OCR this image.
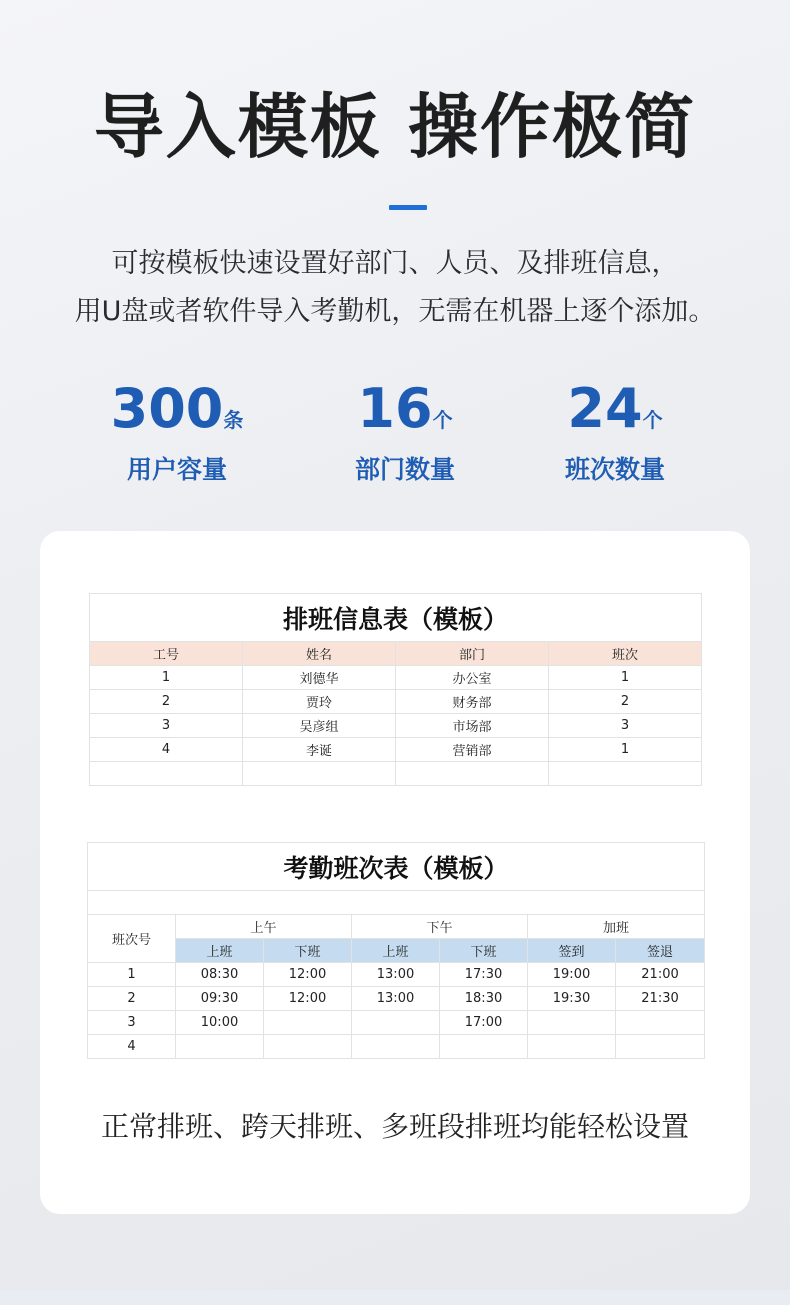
导入模板 操作极简
可按模板快速设置好部门、人员、及排班信息，
用U盘或者软件导入考勤机，无需在机器上逐个添加。
300条
用户容量
16个
部门数量
24个
班次数量
排班信息表（模板）			
工号	姓名	部门	班次
1	刘德华	办公室	1
2	贾玲	财务部	2
3	吴彦组	市场部	3
4	李诞	营销部	1

考勤班次表（模板）						

班次号	上午		下午		加班	
	上班	下班	上班	下班	签到	签退
1	08:30	12:00	13:00	17:30	19:00	21:00
2	09:30	12:00	13:00	18:30	19:30	21:30
3	10:00			17:00		
4						
正常排班、跨天排班、多班段排班均能轻松设置
